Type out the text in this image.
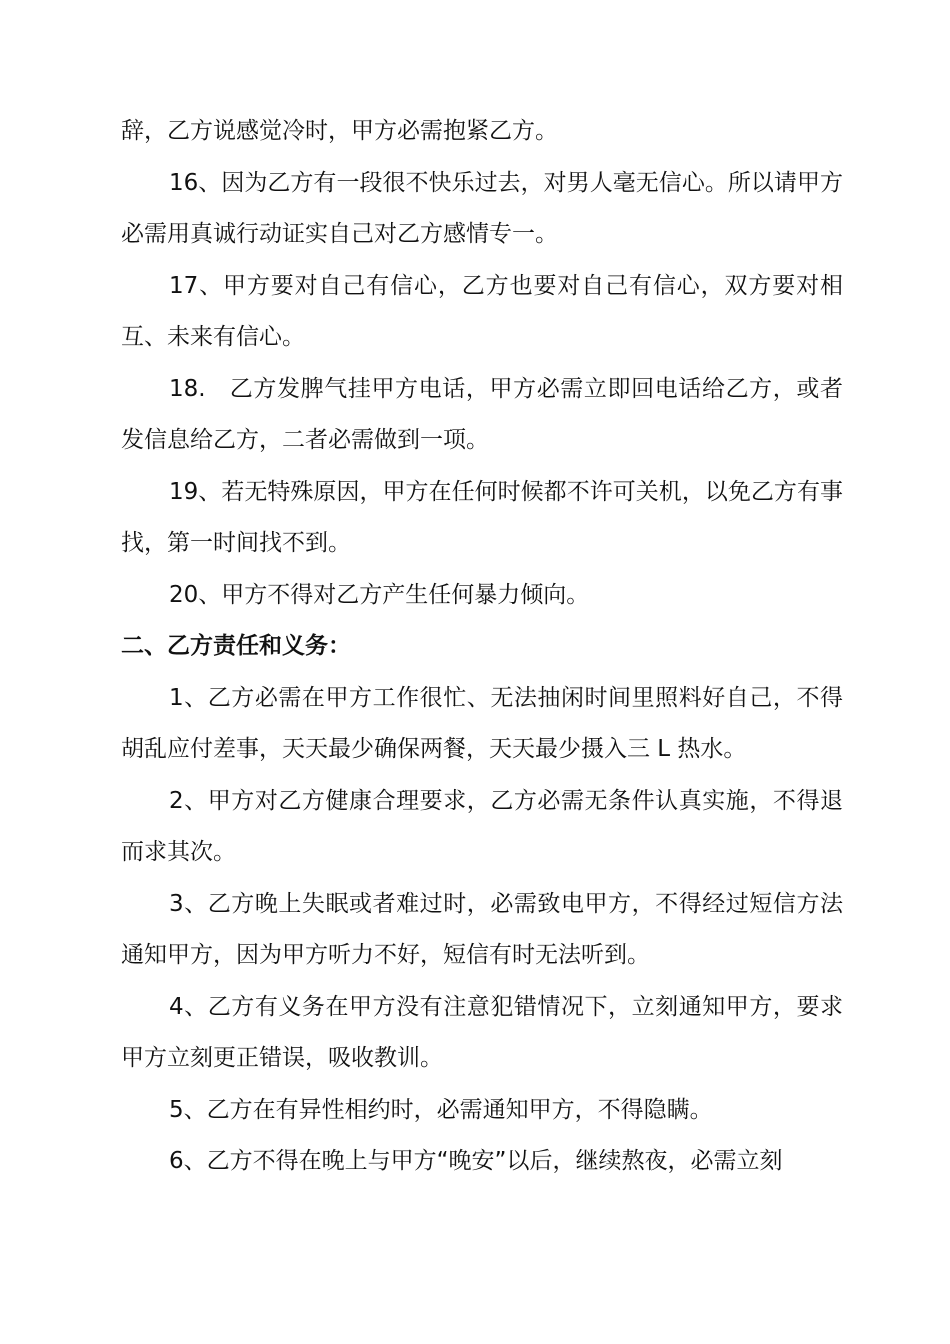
辞，乙方说感觉冷时，甲方必需抱紧乙方。

16、因为乙方有一段很不快乐过去，对男人毫无信心。所以请甲方必需用真诚行动证实自己对乙方感情专一。

17、甲方要对自己有信心，乙方也要对自己有信心，双方要对相互、未来有信心。

18.　乙方发脾气挂甲方电话，甲方必需立即回电话给乙方，或者发信息给乙方，二者必需做到一项。

19、若无特殊原因，甲方在任何时候都不许可关机，以免乙方有事找，第一时间找不到。

20、甲方不得对乙方产生任何暴力倾向。

二、乙方责任和义务：

1、乙方必需在甲方工作很忙、无法抽闲时间里照料好自己，不得胡乱应付差事，天天最少确保两餐，天天最少摄入三 L 热水。

2、甲方对乙方健康合理要求，乙方必需无条件认真实施，不得退而求其次。

3、乙方晚上失眠或者难过时，必需致电甲方，不得经过短信方法通知甲方，因为甲方听力不好，短信有时无法听到。

4、乙方有义务在甲方没有注意犯错情况下，立刻通知甲方，要求甲方立刻更正错误，吸收教训。

5、乙方在有异性相约时，必需通知甲方，不得隐瞒。

6、乙方不得在晚上与甲方“晚安”以后，继续熬夜，必需立刻
